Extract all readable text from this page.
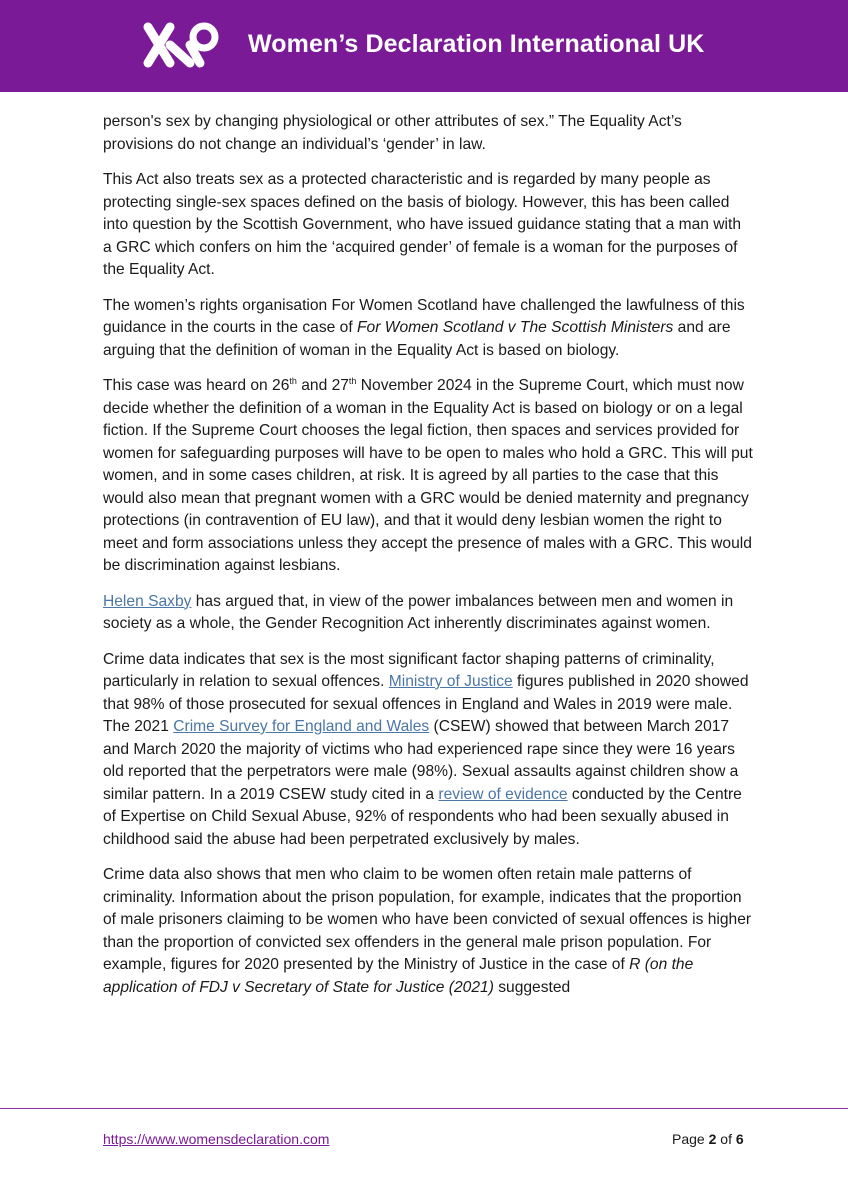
Women’s Declaration International UK

person's sex by changing physiological or other attributes of sex.” The Equality Act’s provisions do not change an individual’s ‘gender’ in law.

This Act also treats sex as a protected characteristic and is regarded by many people as protecting single-sex spaces defined on the basis of biology. However, this has been called into question by the Scottish Government, who have issued guidance stating that a man with a GRC which confers on him the ‘acquired gender’ of female is a woman for the purposes of the Equality Act.

The women’s rights organisation For Women Scotland have challenged the lawfulness of this guidance in the courts in the case of For Women Scotland v The Scottish Ministers and are arguing that the definition of woman in the Equality Act is based on biology.

This case was heard on 26th and 27th November 2024 in the Supreme Court, which must now decide whether the definition of a woman in the Equality Act is based on biology or on a legal fiction. If the Supreme Court chooses the legal fiction, then spaces and services provided for women for safeguarding purposes will have to be open to males who hold a GRC. This will put women, and in some cases children, at risk. It is agreed by all parties to the case that this would also mean that pregnant women with a GRC would be denied maternity and pregnancy protections (in contravention of EU law), and that it would deny lesbian women the right to meet and form associations unless they accept the presence of males with a GRC. This would be discrimination against lesbians.

Helen Saxby has argued that, in view of the power imbalances between men and women in society as a whole, the Gender Recognition Act inherently discriminates against women.

Crime data indicates that sex is the most significant factor shaping patterns of criminality, particularly in relation to sexual offences. Ministry of Justice figures published in 2020 showed that 98% of those prosecuted for sexual offences in England and Wales in 2019 were male. The 2021 Crime Survey for England and Wales (CSEW) showed that between March 2017 and March 2020 the majority of victims who had experienced rape since they were 16 years old reported that the perpetrators were male (98%). Sexual assaults against children show a similar pattern. In a 2019 CSEW study cited in a review of evidence conducted by the Centre of Expertise on Child Sexual Abuse, 92% of respondents who had been sexually abused in childhood said the abuse had been perpetrated exclusively by males.

Crime data also shows that men who claim to be women often retain male patterns of criminality. Information about the prison population, for example, indicates that the proportion of male prisoners claiming to be women who have been convicted of sexual offences is higher than the proportion of convicted sex offenders in the general male prison population. For example, figures for 2020 presented by the Ministry of Justice in the case of R (on the application of FDJ v Secretary of State for Justice (2021) suggested

https://www.womensdeclaration.com	Page 2 of 6
